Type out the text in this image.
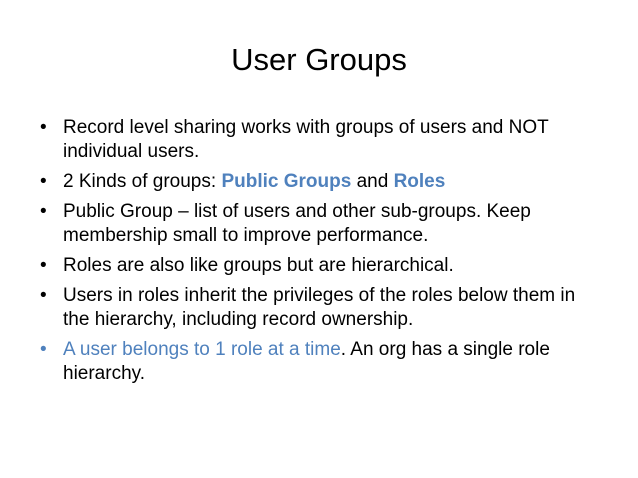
User Groups
• Record level sharing works with groups of users and NOT individual users.
• 2 Kinds of groups: Public Groups and Roles
• Public Group – list of users and other sub-groups. Keep membership small to improve performance.
• Roles are also like groups but are hierarchical.
• Users in roles inherit the privileges of the roles below them in the hierarchy, including record ownership.
• A user belongs to 1 role at a time. An org has a single role hierarchy.
